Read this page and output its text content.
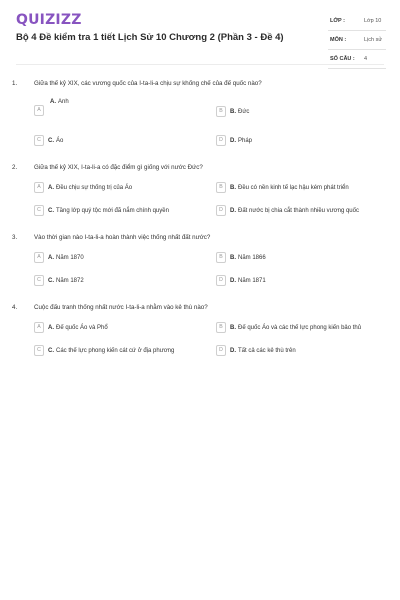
QUIZIZZ
Bộ 4 Đề kiểm tra 1 tiết Lịch Sử 10 Chương 2 (Phần 3 - Đề 4)
LỚP :	Lớp 10
MÔN :	Lịch sử
SỐ CÂU : 4
1.	Giữa thế kỷ XIX, các vương quốc của I-ta-li-a chịu sự khống chế của đế quốc nào?
A
A. Anh
B	B. Đức
C	C. Áo	D	D. Pháp
2.	Giữa thế kỷ XIX, I-ta-li-a có đặc điểm gì giống với nước Đức?
A	A. Đều chịu sự thống trị của Áo	B	B. Đều có nền kinh tế lạc hậu kém phát triển
C	C. Tầng lớp quý tộc mới đã nắm chính quyền	D	D. Đất nước bị chia cắt thành nhiều vương quốc
3.	Vào thời gian nào I-ta-li-a hoàn thành việc thống nhất đất nước?
A	A. Năm 1870	B	B. Năm 1866
C	C. Năm 1872	D	D. Năm 1871
4.	Cuộc đấu tranh thống nhất nước I-ta-li-a nhằm vào kẻ thù nào?
A	A. Đế quốc Áo và Phổ	B	B. Đế quốc Áo và các thế lực phong kiến bảo thủ
C	C. Các thế lực phong kiến cát cứ ở địa phương	D	D. Tất cả các kẻ thù trên
